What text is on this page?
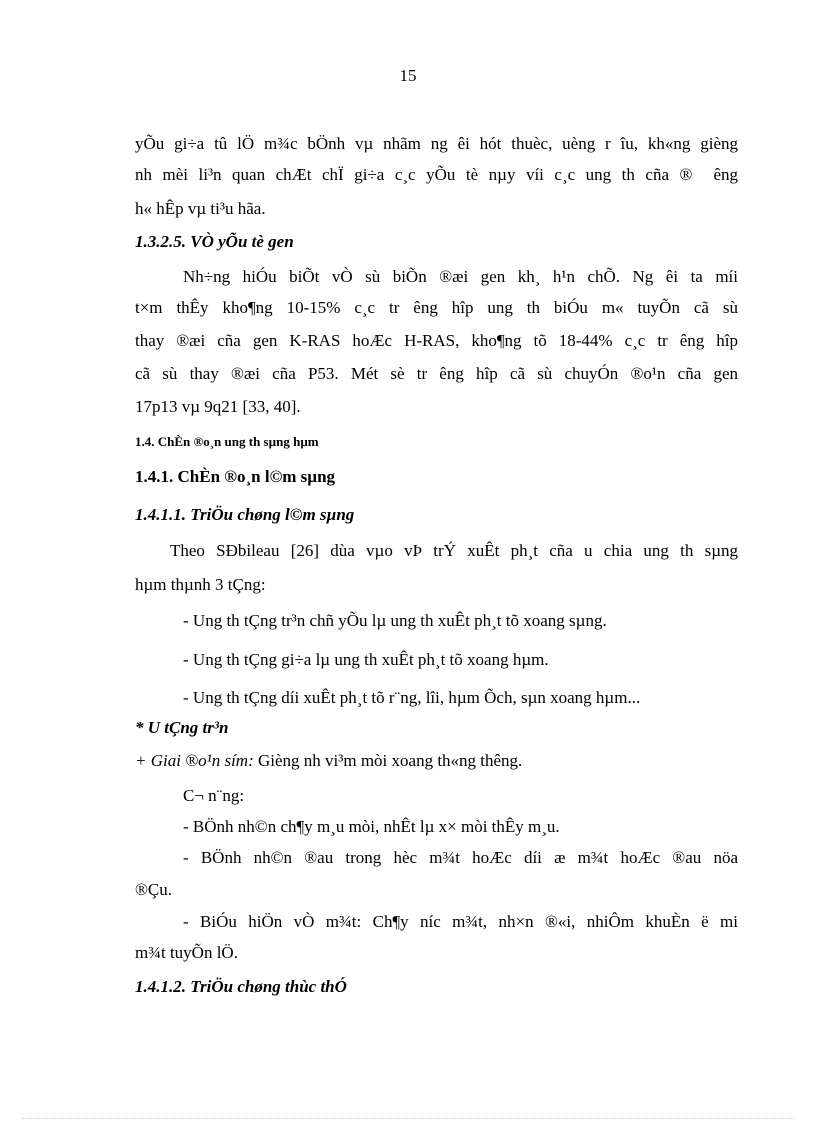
15

yÕu gi÷a tû lÖ m¾c bÖnh vµ nhãm ng êi hót thuèc, uèng r îu, kh«ng gièng

nh mèi li³n quan chÆt chÏ gi÷a c¸c yÕu tè nµy víi c¸c ung th cña ® êng

h« hÊp vµ ti³u hãa.

1.3.2.5. VÒ yÕu tè gen

Nh÷ng hiÓu biÕt vÒ sù biÕn ®æi gen kh¸ h¹n chÕ. Ng êi ta míi

t×m thÊy kho¶ng 10-15% c¸c tr êng hîp ung th biÓu m« tuyÕn cã sù

thay ®æi cña gen K-RAS hoÆc H-RAS, kho¶ng tõ 18-44% c¸c tr êng hîp

cã sù thay ®æi cña P53. Mét sè tr êng hîp cã sù chuyÓn ®o¹n cña gen

17p13 vµ 9q21 [33, 40].

1.4. ChÈn ®o¸n ung th sµng hµm

1.4.1. ChÈn ®o¸n l©m sµng

1.4.1.1. TriÖu chøng l©m sµng

Theo SÐbileau [26] dùa vµo vÞ trÝ xuÊt ph¸t cña u chia ung th sµng

hµm thµnh 3 tÇng:

- Ung th tÇng tr³n chñ yÕu lµ ung th xuÊt ph¸t tõ xoang sµng.

- Ung th tÇng gi÷a lµ ung th xuÊt ph¸t tõ xoang hµm.

- Ung th tÇng díi xuÊt ph¸t tõ r¨ng, lîi, hµm Õch, sµn xoang hµm...

* U tÇng tr³n

+ Giai ®o¹n sím: Gièng nh vi³m mòi xoang th«ng thêng.

C¬ n¨ng:

- BÖnh nh©n ch¶y m¸u mòi, nhÊt lµ x× mòi thÊy m¸u.

- BÖnh nh©n ®au trong hèc m¾t hoÆc díi æ m¾t hoÆc ®au nöa

®Çu.

- BiÓu hiÖn vÒ m¾t: Ch¶y níc m¾t, nh×n ®«i, nhiÔm khuÈn ë mi

m¾t tuyÕn lÖ.

1.4.1.2. TriÖu chøng thùc thÓ
